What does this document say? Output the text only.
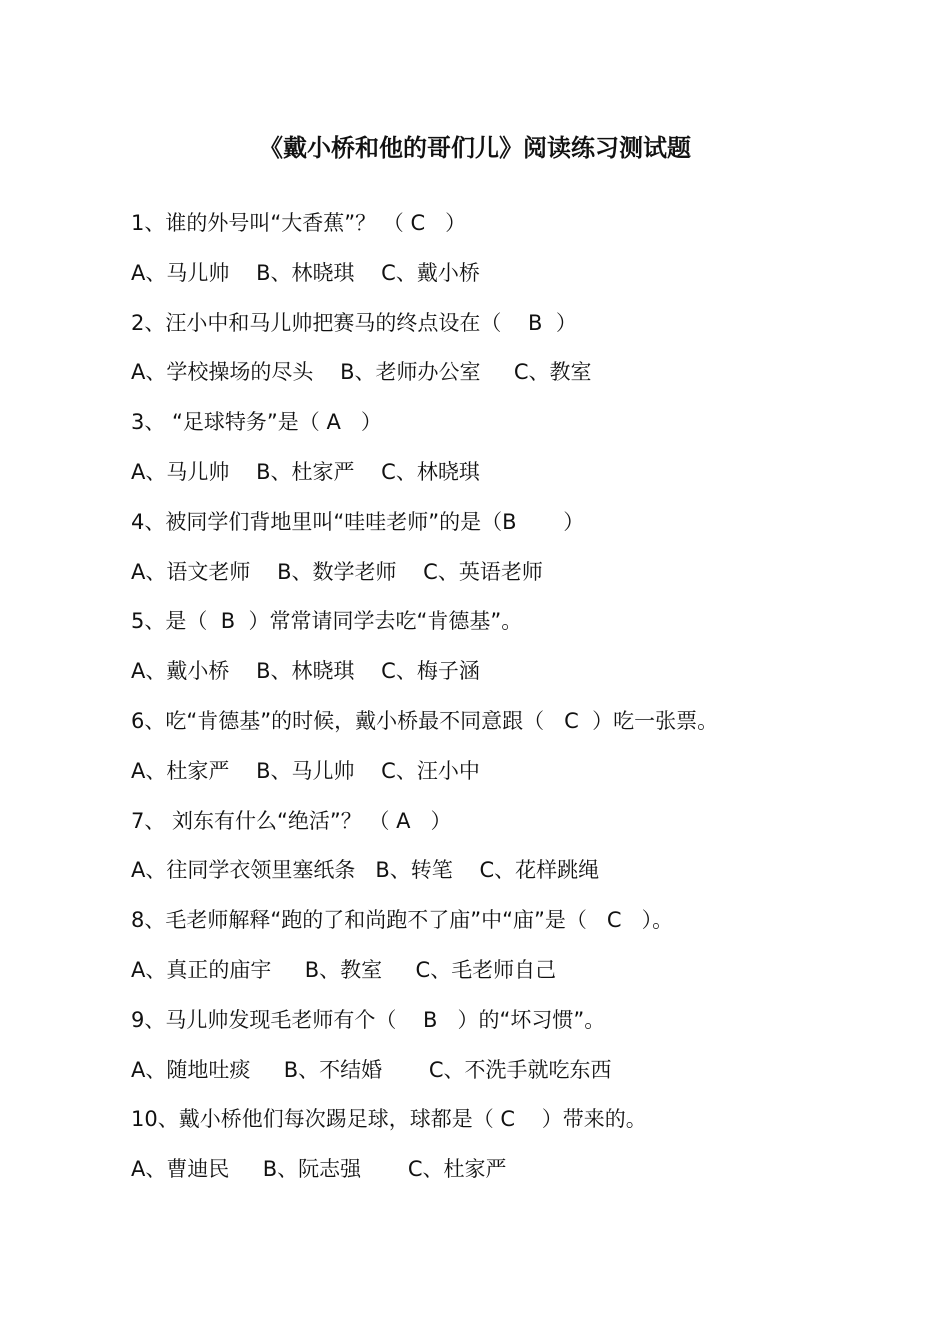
《戴小桥和他的哥们儿》阅读练习测试题
1、谁的外号叫“大香蕉”？ （ C   ）
A、马儿帅    B、林晓琪    C、戴小桥
2、汪小中和马儿帅把赛马的终点设在（    B  ）
A、学校操场的尽头    B、老师办公室     C、教室
3、 “足球特务”是（ A   ）
A、马儿帅    B、杜家严    C、林晓琪
4、被同学们背地里叫“哇哇老师”的是（B       ）
A、语文老师    B、数学老师    C、英语老师
5、是（  B  ）常常请同学去吃“肯德基”。
A、戴小桥    B、林晓琪    C、梅子涵
6、吃“肯德基”的时候，戴小桥最不同意跟（   C  ）吃一张票。
A、杜家严    B、马儿帅    C、汪小中
7、 刘东有什么“绝活”？ （ A   ）
A、往同学衣领里塞纸条   B、转笔    C、花样跳绳
8、毛老师解释“跑的了和尚跑不了庙”中“庙”是（   C   ）。
A、真正的庙宇     B、教室     C、毛老师自己
9、马儿帅发现毛老师有个（    B   ）的“坏习惯”。
A、随地吐痰     B、不结婚       C、不洗手就吃东西
10、戴小桥他们每次踢足球，球都是（ C    ）带来的。
A、曹迪民     B、阮志强       C、杜家严
